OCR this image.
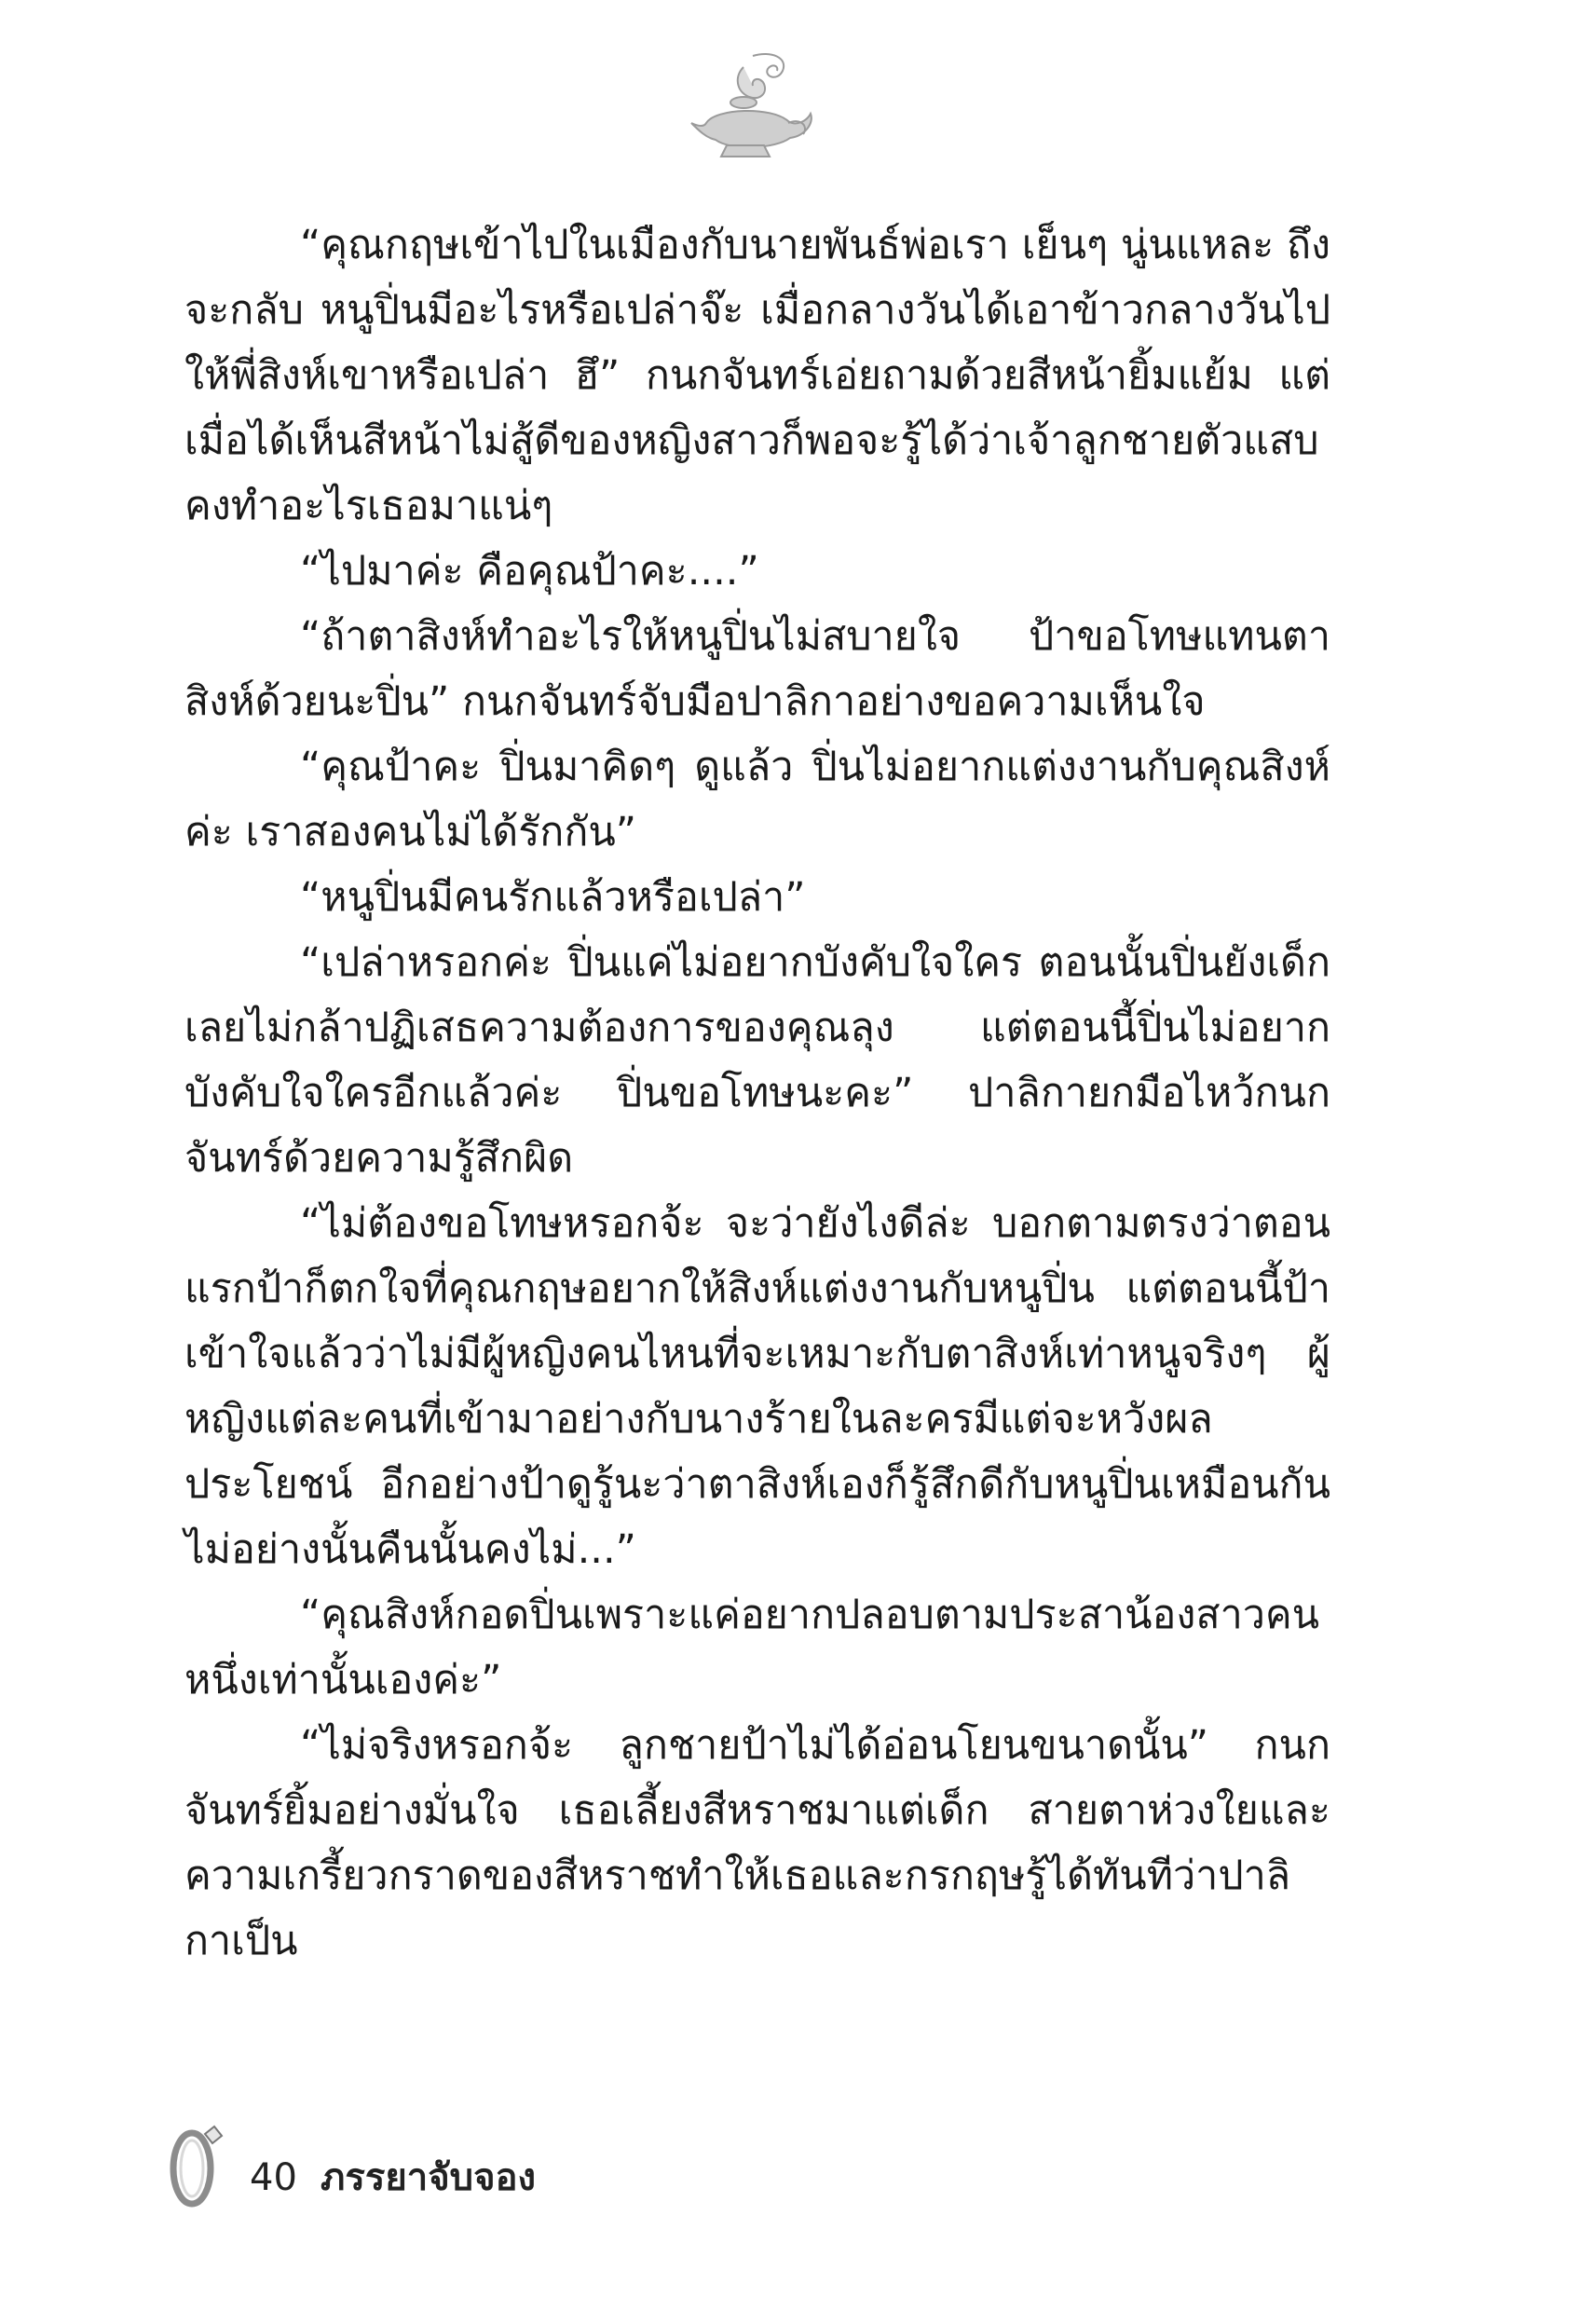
“คุณกฤษเข้าไปในเมืองกับนายพันธ์พ่อเรา เย็นๆ นู่นแหละ ถึงจะกลับ หนูปิ่นมีอะไรหรือเปล่าจ๊ะ เมื่อกลางวันได้เอาข้าวกลางวันไปให้พี่สิงห์เขาหรือเปล่า ฮึ” กนกจันทร์เอ่ยถามด้วยสีหน้ายิ้มแย้ม แต่เมื่อได้เห็นสีหน้าไม่สู้ดีของหญิงสาวก็พอจะรู้ได้ว่าเจ้าลูกชายตัวแสบคงทำอะไรเธอมาแน่ๆ

“ไปมาค่ะ คือคุณป้าคะ....”

“ถ้าตาสิงห์ทำอะไรให้หนูปิ่นไม่สบายใจ ป้าขอโทษแทนตาสิงห์ด้วยนะปิ่น” กนกจันทร์จับมือปาลิกาอย่างขอความเห็นใจ

“คุณป้าคะ ปิ่นมาคิดๆ ดูแล้ว ปิ่นไม่อยากแต่งงานกับคุณสิงห์ค่ะ เราสองคนไม่ได้รักกัน”

“หนูปิ่นมีคนรักแล้วหรือเปล่า”

“เปล่าหรอกค่ะ ปิ่นแค่ไม่อยากบังคับใจใคร ตอนนั้นปิ่นยังเด็กเลยไม่กล้าปฏิเสธความต้องการของคุณลุง แต่ตอนนี้ปิ่นไม่อยากบังคับใจใครอีกแล้วค่ะ ปิ่นขอโทษนะคะ” ปาลิกายกมือไหว้กนกจันทร์ด้วยความรู้สึกผิด

“ไม่ต้องขอโทษหรอกจ้ะ จะว่ายังไงดีล่ะ บอกตามตรงว่าตอนแรกป้าก็ตกใจที่คุณกฤษอยากให้สิงห์แต่งงานกับหนูปิ่น แต่ตอนนี้ป้าเข้าใจแล้วว่าไม่มีผู้หญิงคนไหนที่จะเหมาะกับตาสิงห์เท่าหนูจริงๆ ผู้หญิงแต่ละคนที่เข้ามาอย่างกับนางร้ายในละครมีแต่จะหวังผลประโยชน์ อีกอย่างป้าดูรู้นะว่าตาสิงห์เองก็รู้สึกดีกับหนูปิ่นเหมือนกัน ไม่อย่างนั้นคืนนั้นคงไม่...”

“คุณสิงห์กอดปิ่นเพราะแค่อยากปลอบตามประสาน้องสาวคนหนึ่งเท่านั้นเองค่ะ”

“ไม่จริงหรอกจ้ะ ลูกชายป้าไม่ได้อ่อนโยนขนาดนั้น” กนกจันทร์ยิ้มอย่างมั่นใจ เธอเลี้ยงสีหราชมาแต่เด็ก สายตาห่วงใยและความเกรี้ยวกราดของสีหราชทำให้เธอและกรกฤษรู้ได้ทันทีว่าปาลิกาเป็น

40 ภรรยาจับจอง
